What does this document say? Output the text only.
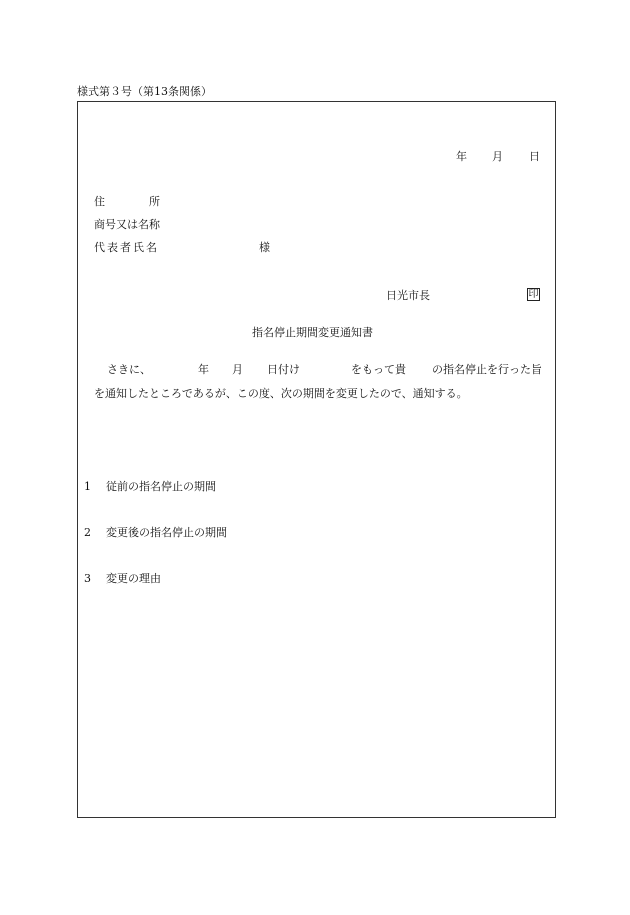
様式第３号（第13条関係）
年 月 日
住	所
商号又は名称
代表者氏名	様
日光市長	印
指名停止期間変更通知書
さきに、	年 月 日付け	をもって貴 の指名停止を行った旨
を通知したところであるが、この度、次の期間を変更したので、通知する。
1 従前の指名停止の期間
2 変更後の指名停止の期間
3 変更の理由
